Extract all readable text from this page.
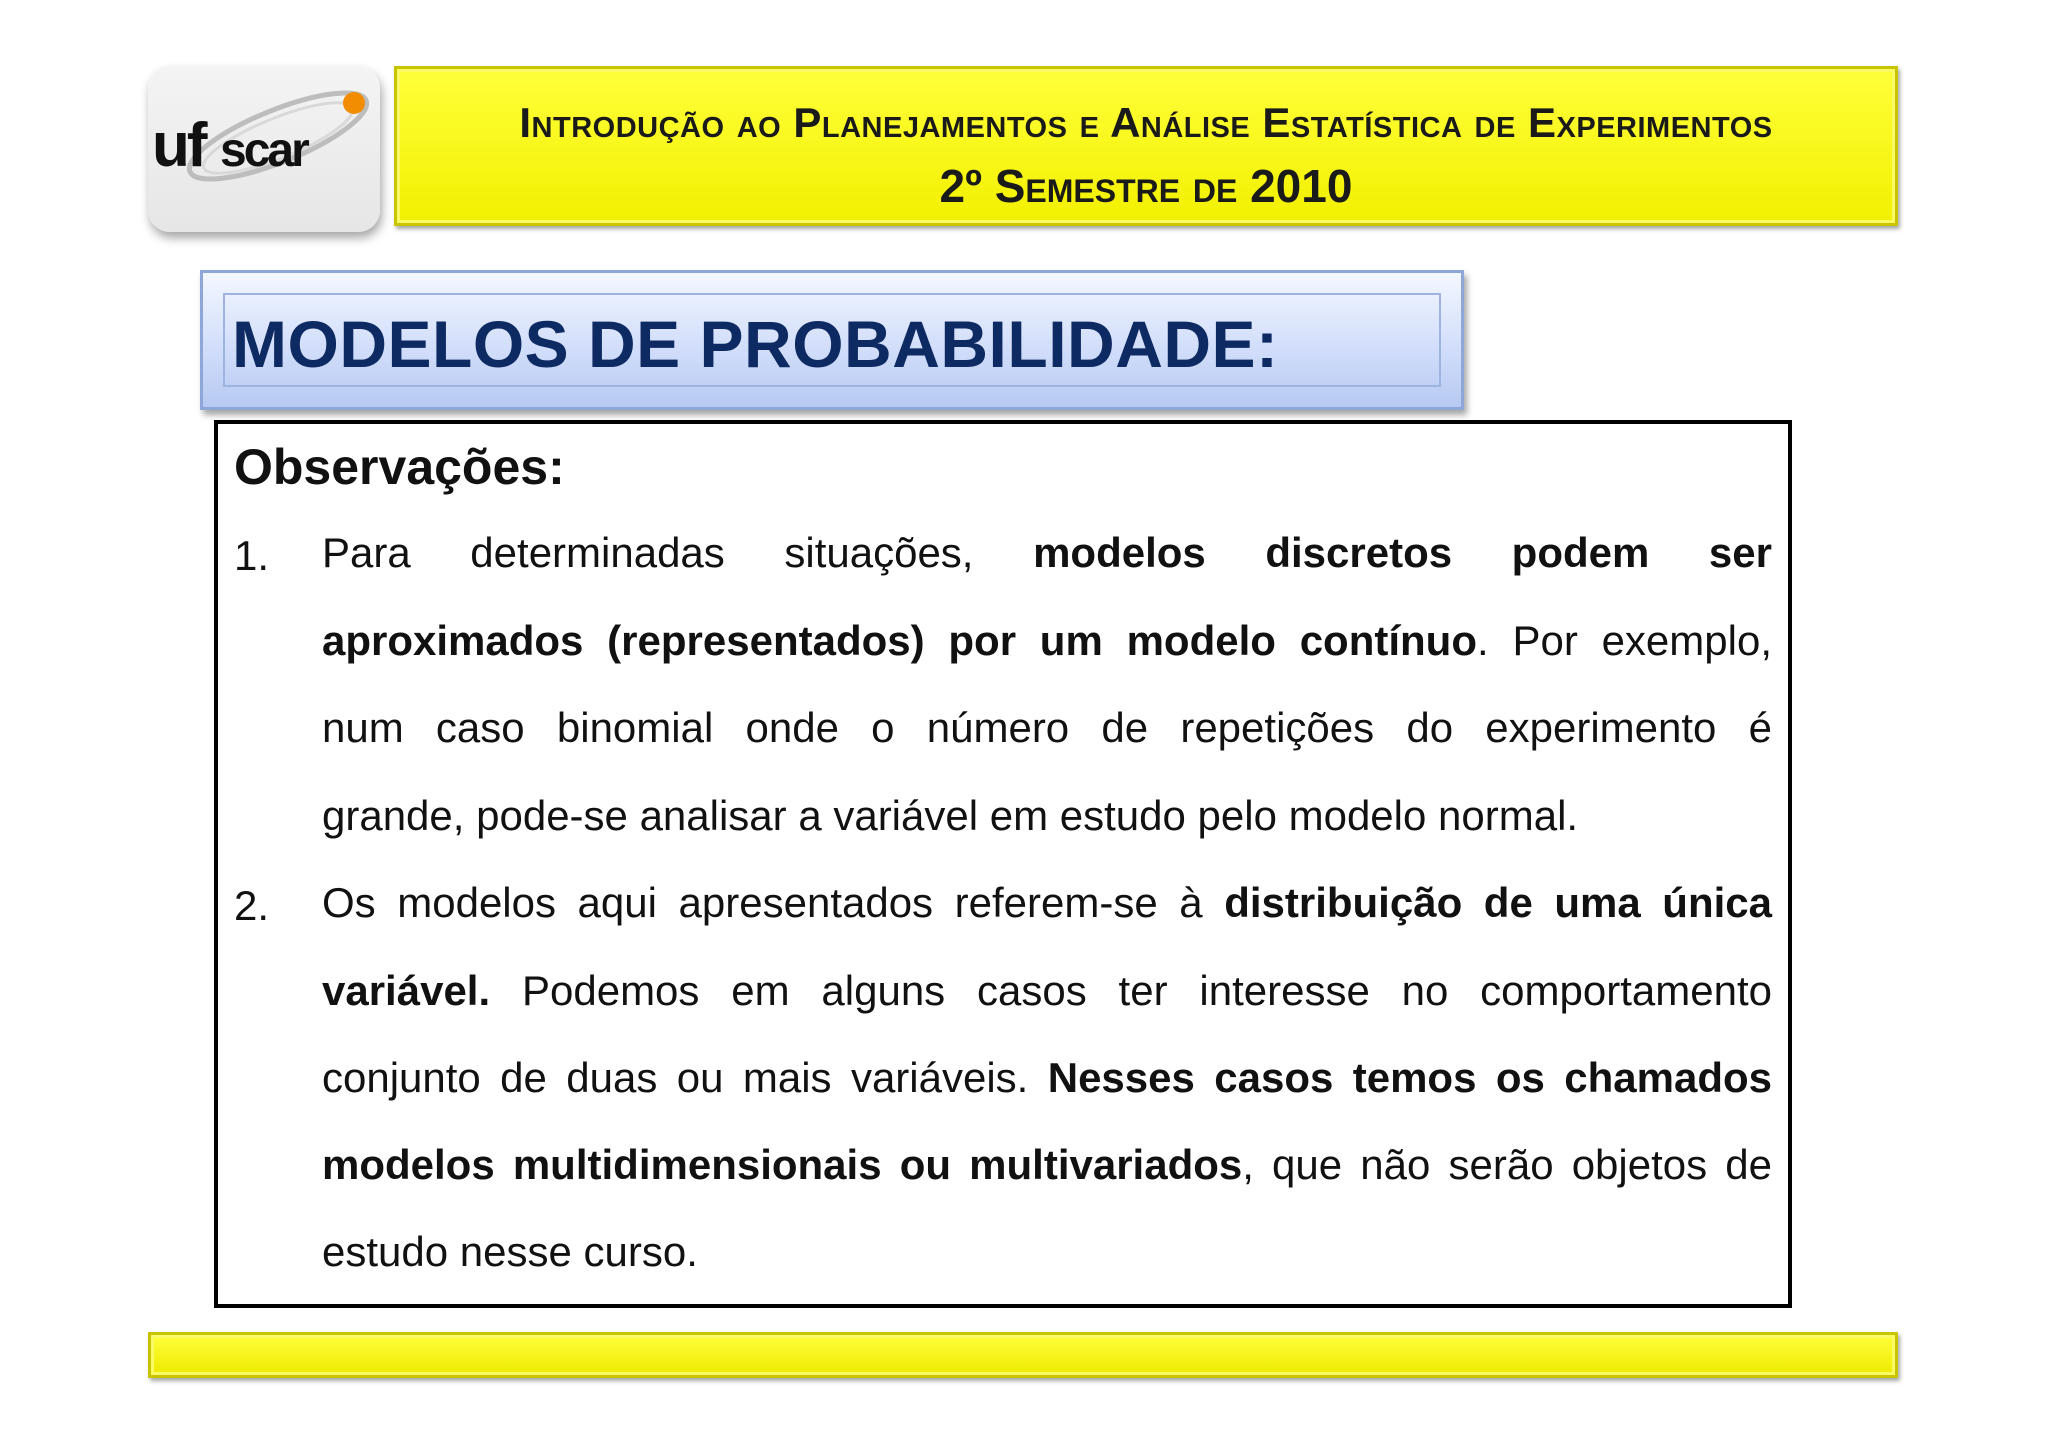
uf scar
Introdução ao Planejamentos e Análise Estatística de Experimentos
2º Semestre de 2010
MODELOS DE PROBABILIDADE:
Observações:
1.
2.
Para determinadas situações, modelos discretos podem ser
aproximados (representados) por um modelo contínuo. Por exemplo,
num caso binomial onde o número de repetições do experimento é
grande, pode-se analisar a variável em estudo pelo modelo normal.
Os modelos aqui apresentados referem-se à distribuição de uma única
variável. Podemos em alguns casos ter interesse no comportamento
conjunto de duas ou mais variáveis. Nesses casos temos os chamados
modelos multidimensionais ou multivariados, que não serão objetos de
estudo nesse curso.
